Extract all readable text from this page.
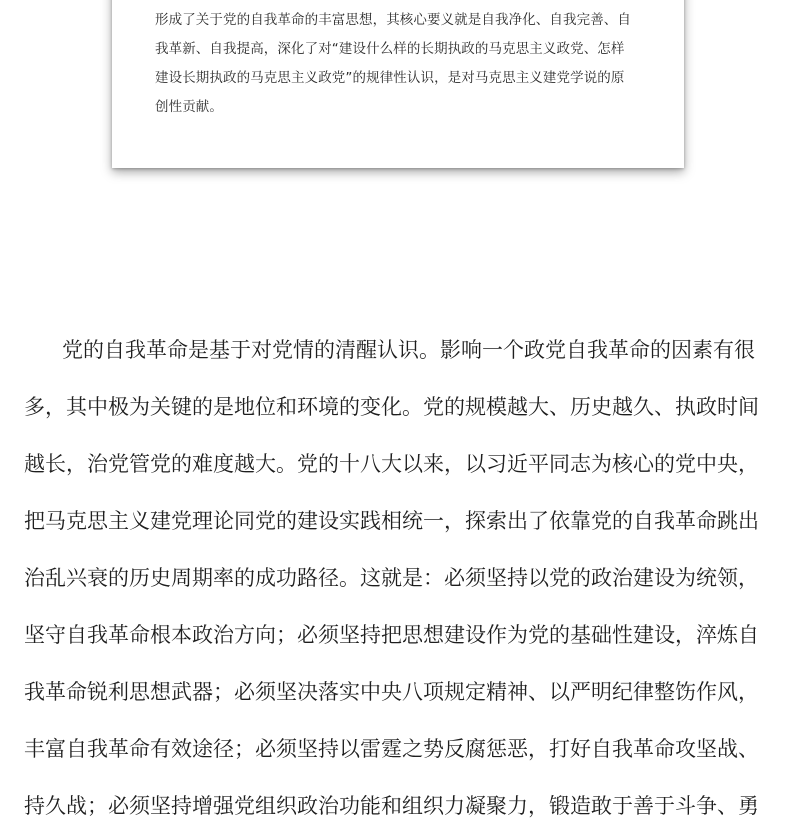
形成了关于党的自我革命的丰富思想，其核心要义就是自我净化、自我完善、自
我革新、自我提高，深化了对“建设什么样的长期执政的马克思主义政党、怎样
建设长期执政的马克思主义政党”的规律性认识，是对马克思主义建党学说的原
创性贡献。

党的自我革命是基于对党情的清醒认识。影响一个政党自我革命的因素有很
多，其中极为关键的是地位和环境的变化。党的规模越大、历史越久、执政时间
越长，治党管党的难度越大。党的十八大以来，以习近平同志为核心的党中央，
把马克思主义建党理论同党的建设实践相统一，探索出了依靠党的自我革命跳出
治乱兴衰的历史周期率的成功路径。这就是：必须坚持以党的政治建设为统领，
坚守自我革命根本政治方向；必须坚持把思想建设作为党的基础性建设，淬炼自
我革命锐利思想武器；必须坚决落实中央八项规定精神、以严明纪律整饬作风，
丰富自我革命有效途径；必须坚持以雷霆之势反腐惩恶，打好自我革命攻坚战、
持久战；必须坚持增强党组织政治功能和组织力凝聚力，锻造敢于善于斗争、勇
